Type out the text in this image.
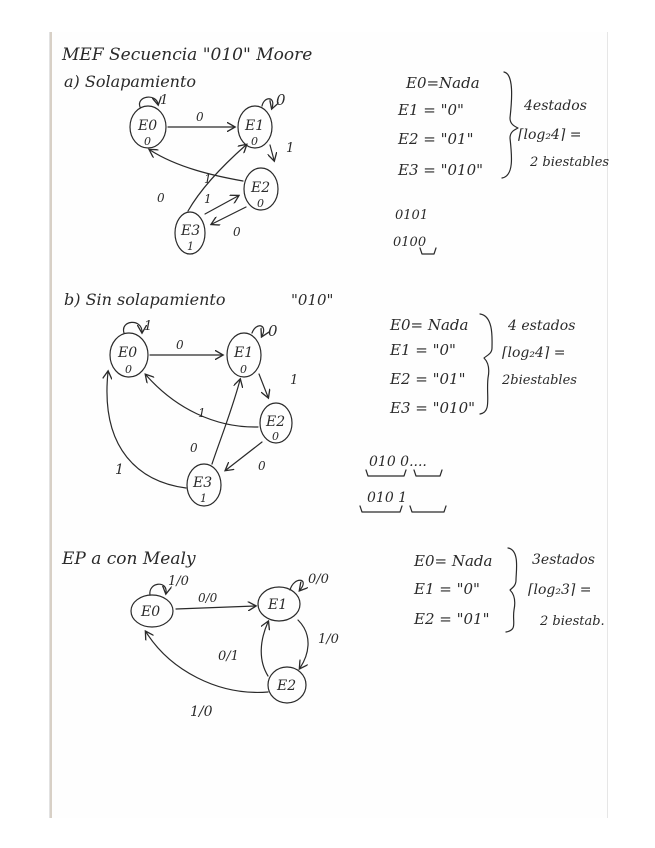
MEF Secuencia "010" Moore
a) Solapamiento
E0
0
E1
0
E2
0
E3
1
1	0
0
1
1
0	1
0
E0=Nada
E1 = "0"
E2 = "01"
E3 = "010"
4estados
⌈log₂4⌉ =
2 biestables
0101
0100
b) Sin solapamiento	"010"
E0
0
E1
0
E2
0
E3
1
1	0
0
1
1
0
0
1
E0= Nada
E1 = "0"
E2 = "01"
E3 = "010"
4 estados
⌈log₂4⌉ =
2biestables
010 0....
010 1
EP a con Mealy
E0	E1
E2
1/0	0/0
0/0
1/0
0/1
1/0
E0= Nada
E1 = "0"
E2 = "01"
3estados
⌈log₂3⌉ =
2 biestab.
